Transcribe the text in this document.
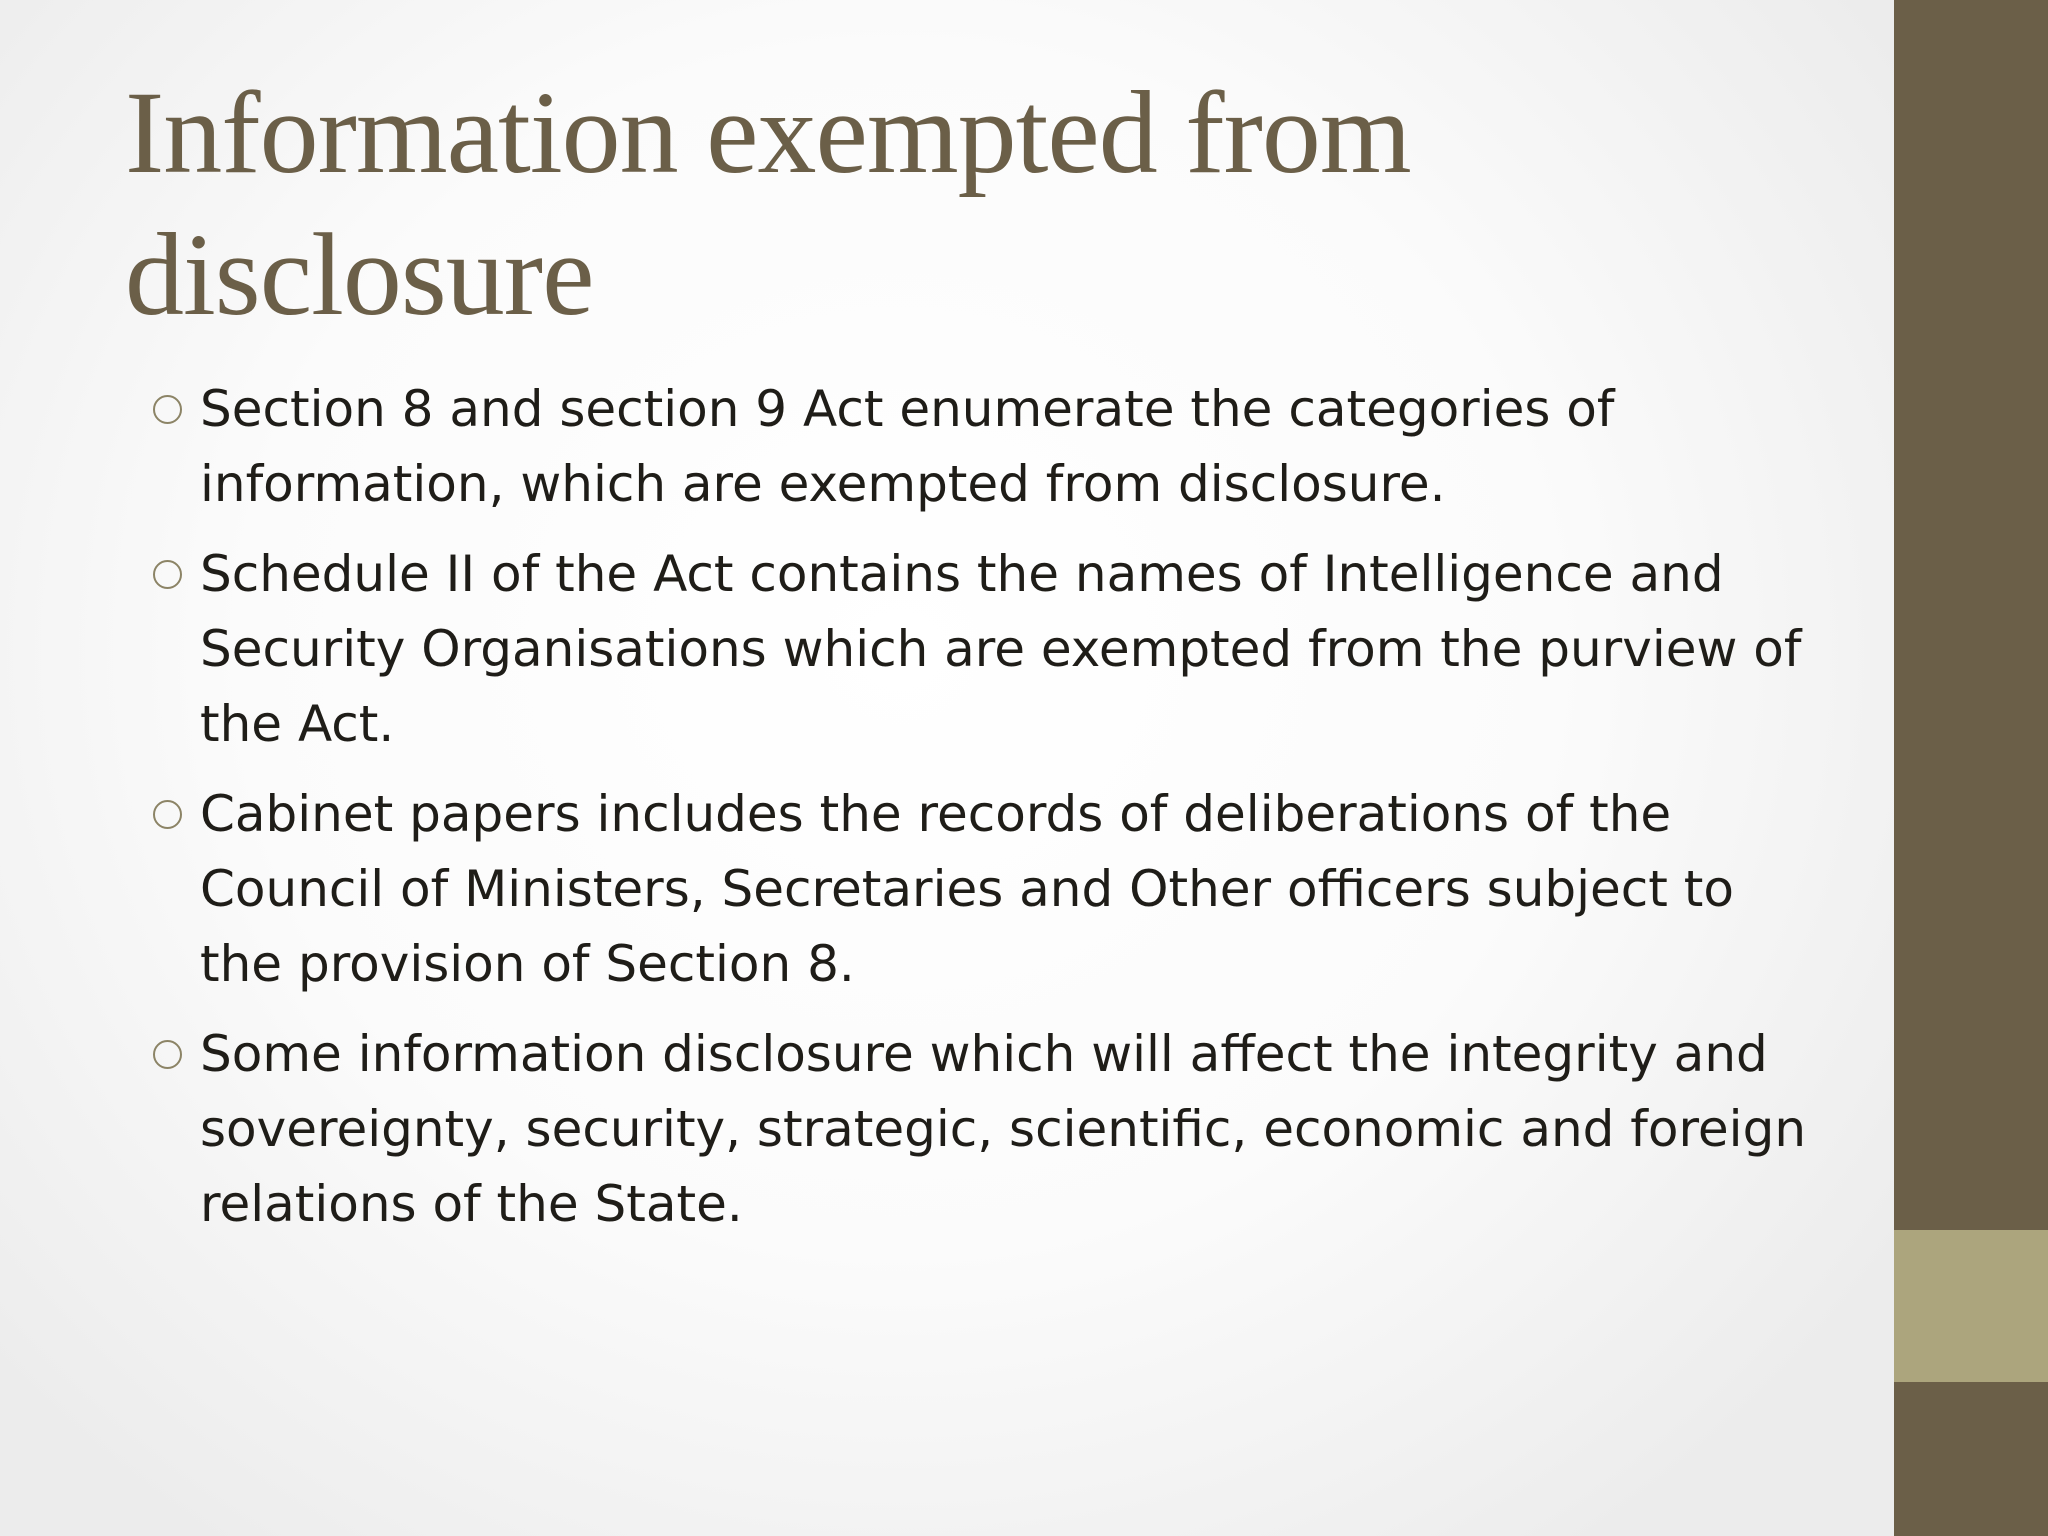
Information exempted from disclosure
Section 8 and section 9 Act enumerate the categories of information, which are exempted from disclosure.
Schedule II of the Act contains the names of Intelligence and Security Organisations which are exempted from the purview of the Act.
Cabinet papers includes the records of deliberations of the Council of Ministers, Secretaries and Other officers subject to the provision of Section 8.
Some information disclosure which will affect the integrity and sovereignty, security, strategic, scientific, economic and foreign relations of the State.
